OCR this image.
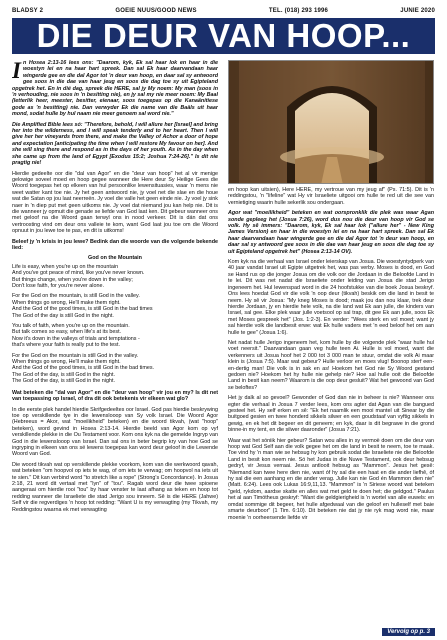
BLADSY 2	GOEIE NUUS/GOOD NEWS	TEL. (018) 293 1996	JUNIE 2020
DIE DEUR VAN HOOP...

In Hosea 2:13-16 lees ons: "Daarom, kyk, Ek sal haar lok en haar in die woestyn lei en na haar hart spreek. Dan sal Ek haar daarvandaan haar wingerde gee en die dal Agor tot 'n deur van hoop, en daar sal sy antwoord gee soos in die dae van haar jeug en soos die dag toe sy uit Egipteland opgetrek het. En in dié dag, spreek die HERE, sal jy My noem: My man (soos in 'n verhouding, nie soos in 'n besitting nie), en jy sal my nie meer noem: My Baal (letterlik heer, meester, besitter, eienaar, soos toegepas op die Kanaänitiese gode as 'n besitting) nie. Dan verwyder Ek die name van die Baäls uit haar mond, sodat hulle by hul naam nie meer genoem sal word nie."

Die Amplified Bible lees só: "Therefore, behold, I will allure her [Israel] and bring her into the wilderness, and I will speak tenderly and to her heart. Then I will give her her vineyards from there, and make the Valley of Achor a door of hope and expectation [anticipating the time when I will restore My favour on her]. And she will sing there and respond as in the days of her youth. As in the day when she came up from the land of Egypt [Exodus 15:2; Joshua 7:24-26]." Is dit nie pragtig nie!

Hierdie gedeelte oor die "dal van Agor" en die "deur van hoop" het al vir menige gelowige soveel moed en hoop gegee wanneer die Here deur Sy Heilige Gees die Woord toegepas het op elkeen van hul persoonlike lewensituasies, waar 'n mens nie weet watter kant toe nie. Jy het geen antwoord nie, jy voel net die slae en die houe wat die Satan op jou laat neerreën. Jy voel die valle het geen einde nie. Jy voel jy sink naer in 'n diep put met geen uitkoms nie. Jy voel dat niemand jou kan help nie. Dit is die wanneer jy opmuit die genade se liefde van God laat ken. Dit gebeur wanneer ons met geloof na die Woord gaan terwyl ons in nood verkeer. Dit is dán dat ons vertroosting vind om deur ons valleie te kom, want God laat jou toe om die Woord opnuut in jou lewe toe te pas, en dit is uitkoms!

Beleef jy 'n krisis in jou lewe? Bedink dan die woorde van die volgende bekende lied:

God on the Mountain
Life is easy, when you're up on the mountain
And you've got peace of mind, like you've never known.
But things change, when you're down in the valley;
Don't lose faith, for you're never alone.
For the God on the mountain, is still God in the valley.
When things go wrong, He'll make them right.
And the God of the good times, is still God in the bad times
The God of the day is still God in the night.
You talk of faith, when you're up on the mountain.
But talk comes so easy, when life's at its best.
Now it's down in the valleys of trials and temptations -
that's where your faith is really put to the test.
For the God on the mountain is still God in the valley.
When things go wrong, He'll make them right.
And the God of the good times, is still God in the bad times.
The God of the day, is still God in the night.
The God of the day, is still God in the night.

Wat beteken die "dal van Agor" en die "deur van hoop" vir jou en my? Is dit net van toepassing op Israel, of dra dit ook betekenis vir elkeen wat glo?

In die eerste plek handel hierdie Skrifgedeeltes oor Israel. God pas hierdie beskrywing toe op verskillende tye in die lewenslooop van Sy volk Israel. Die Woord Agor (Hebreeus = Akor, wat "moeilikheid" beteken) en die woord tikvah, (wat "hoop" beteken), word gevind in Hosea 2:13-14. Hierdie beeld van Agor kom op vyf verskillende plekke in die Ou Testament voor. Kom ons kyk na die gemelde Ingryp van God in die lewenslooop van Israel. Dan sal ons in beter begrip kry van hoe God se ingryping in elkeen van ons sé lewens toegepas kan word deur geloof in die Lewende Woord van God.

Die woord tikvah wat op verskillende plekke voorkom, kom van die werkwoord qavah, wat beteken "om hoopvol op iets te wag, of om iets te verwag; om hoopvol na iets uit te sien." Dit kan verbind word "to stretch like a rope" (Strong's Concordance). In Josua 2:18, 21 word dit vertaal met "lyn" of "tou". Ragab word deur die twee spioene aangeraai om hierdie rooi "tou" by haar venster te laat afhang as teken en hoop tot redding wanneer die Israeliete die stad Jerigo sou inneem. Sê is die HERE (Jahwe) Self vir die regverdiges 'n hoop tot redding: "Want U is my verwagting (my Tikvah, my Reddingstou waarna ek met verwagting

en hoop kan uitsien), Here HERE, my vertroue van my jeug af" (Ps. 71:5). Dit is 'n reddingstou, 'n "lifeline" wat Hy vir Israeliete uitgooi om hulle te red uit die see van vernietiging waarin hulle sekerlik sou ondergaan.

Agor wat "moeilikheid" beteken en wat oorspronklik die plek was waar Agan sonde gepleeg het (Josua 7:26), word dus nou die deur van hoop vir God se volk. Hy sê immers: "Daarom, kyk, Ek sal haar lok ("allure her" - New King James Version) en haar in die woestyn lei en na haar hart spreek. Dan sal Ek haar daarvandaan haar wingerde gee en die dal Agor tot 'n deur van hoop, en daar sal sy antwoord gee soos in die dae van haar jeug en soos die dag toe sy uit Egipteland opgetrek het" (Hosea 2:13-14 OV).

Kom kyk na die verhaal van Israel onder leierskap van Josua. Die woestyntydperk van 40 jaar vandat Israel uit Egipte uitgetrek het, was pas verby. Moses is dood, en God se Hand rus op die jonger Josua om die volk oor die Jordaan in die Beloofde Land in te lei. Dit was net nadat die Israeliete onder leiding van Josua die stad Jerigo ingeneem het. Hul lewenspad word in die 24 hoofstukke van die boek Josua beskryf. Ons lees hoedat God vir die volk 'n oop deur (tikvah) beskik om die land in besit te neem. Hy sê vir Josua: "My kneg Moses is dood; maak jou dan nou klaar, trek deur hierdie Jordaan, jy en hierdie hele volk, na die land wat Ek aan julle, die kinders van Israel, sal gee. Elke plek waar julle voetsool op sal trap, dit gee Ek aan julle, soos Ek met Moses gespreek het" (Jos. 1:2-3). En verder: "Wees sterk en vol moed; want jy sal hierdie volk die landbesit erwe: wat Ek hulle vaders met 'n eed beloof het om aan hulle te gee" (Josua 1:6).

Net nadat hulle Jerigo ingeneem het, kom hulle by die volgende plek "waar hulle hul voet neersit." Daarvandaan gaan veg hulle teen Ai. Hulle is vol moed, want die verkenners uit Josua hoof het 2 000 tot 3 000 man te stuur, omdat die volk Ai maar klein is (Josua 7:5). Maar wat gebeur? Hulle verloor en moes vlug! Boonop sterf een-en-dertig man! Die volk is in sak en as! Hoekom het God nie Sy Woord gestand gedoen nie? Hoekom het hy hulle nie gehelp nie? Hoe sal hulle ooit die Beloofde Land in besit kan neem? Waarom is die oop deur gesluit? Wat het gewoond van God se beloftes?

Het jy dalk al so gevoel? Gewonder of God dan nie in beheer is nie? Wanneer ons egter die verhaal in Josua 7 verder lees, kom ons agter dat Agan van die bangued gesteel het. Hy self erken en sê: "Ek het naamlik een mooi mantel uit Sinear by die buitgoed gesien en twee honderd sikkels silwer en een goudstaaf van vyftig sikkels in gewig, en ek het dit begeer en dit geneem; en kyk, daar is dit begrawe in die grond binne-in my tent, en die silwer daaronder" (Josua 7:21).

Waar wat het sóniik hier gebeur? Satan wou alles in sy vermoë doen om die deur van hoop wat God Self aan die volk gegee het om die land in besit te neem, toe te maak. Toe vind hy 'n man wie se hebsug hy kon gebruik sodat die Israeliete nie die Beloofde Land in besit kon neem nie. Só het Judas in die Nuwe Testament, ook deur hebsug gedryf, vir Jesus verraai. Jesus antlooit hebsug as "Mammon". Jesus het gesê: "Niemand kan twee here dien nie, want óf hy sal die een haat en die ander liefhê, óf hy sal die een aanhang en die ander verag. Julle kan nie God én Mammon dien nie" (Matt. 6:24). Lees ook Lukas 16:9,11,13. "Mammon" is 'n Siriese woord wat beteken "geld, rykdom, aardse skatte en alles wat met geld te doen het; die geldgod." Paulus het al aan Timótheus geskryf: "Want die geldgierigheid is 'n wortel van alle euwels: en omdat sommige dit begeer, het hulle afgedwaal van die geloof en hulleself met baie smarte deurboor" (1 Tim. 6:10). Dit beteken nie dat jy nie ryk mag word nie, maar moenie 'n oorheersende liefde vir

Vervolg op p. 3
